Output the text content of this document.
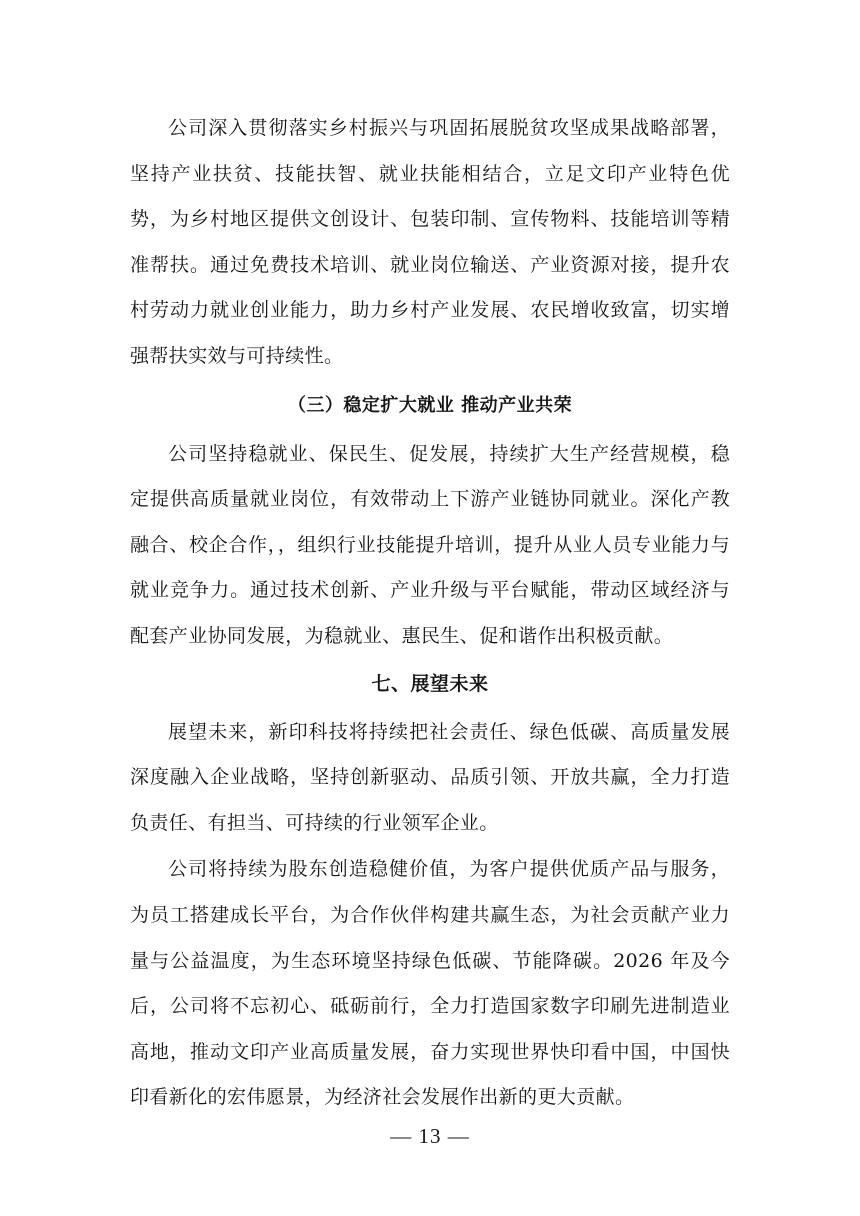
公司深入贯彻落实乡村振兴与巩固拓展脱贫攻坚成果战略部署，坚持产业扶贫、技能扶智、就业扶能相结合，立足文印产业特色优势，为乡村地区提供文创设计、包装印制、宣传物料、技能培训等精准帮扶。通过免费技术培训、就业岗位输送、产业资源对接，提升农村劳动力就业创业能力，助力乡村产业发展、农民增收致富，切实增强帮扶实效与可持续性。

（三）稳定扩大就业 推动产业共荣

公司坚持稳就业、保民生、促发展，持续扩大生产经营规模，稳定提供高质量就业岗位，有效带动上下游产业链协同就业。深化产教融合、校企合作，，组织行业技能提升培训，提升从业人员专业能力与就业竞争力。通过技术创新、产业升级与平台赋能，带动区域经济与配套产业协同发展，为稳就业、惠民生、促和谐作出积极贡献。

七、展望未来

展望未来，新印科技将持续把社会责任、绿色低碳、高质量发展深度融入企业战略，坚持创新驱动、品质引领、开放共赢，全力打造负责任、有担当、可持续的行业领军企业。

公司将持续为股东创造稳健价值，为客户提供优质产品与服务，为员工搭建成长平台，为合作伙伴构建共赢生态，为社会贡献产业力量与公益温度，为生态环境坚持绿色低碳、节能降碳。2026 年及今后，公司将不忘初心、砥砺前行，全力打造国家数字印刷先进制造业高地，推动文印产业高质量发展，奋力实现世界快印看中国，中国快印看新化的宏伟愿景，为经济社会发展作出新的更大贡献。

— 13 —
